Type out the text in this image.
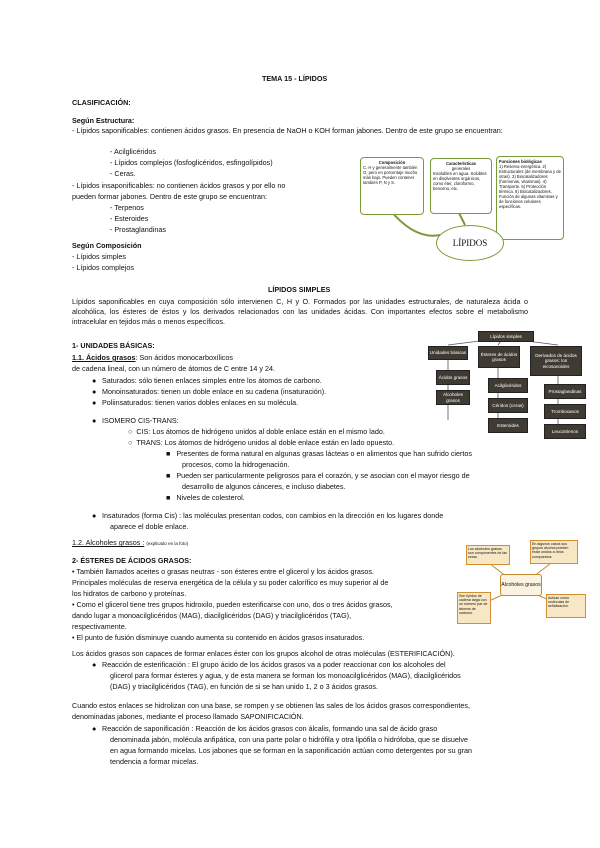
TEMA 15 - LÍPIDOS
CLASIFICACIÓN:
Según Estructura:
- Lípidos saponificables: contienen ácidos grasos. En presencia de NaOH o KOH forman jabones. Dentro de este grupo se encuentran:
- Acilglicéridos
- Lípidos complejos (fosfoglicéridos, esfingolípidos)
- Ceras.
- Lípidos insaponificables: no contienen ácidos grasos y por ello no
pueden formar jabones. Dentro de este grupo se encuentran:
- Terpenos
- Esteroides
- Prostaglandinas
Según Composición
- Lípidos simples
- Lípidos complejos
Composición
C, H y generalmente también O, pero en porcentaje mucho más bajo. Pueden contener también P, N y S.
Características
generales
Insolubles en agua. Solubles en disolventes orgánicos, como éter, cloroformo, benceno, etc.
Funciones biológicas
1) Reserva energética. 2) Estructurales (de membrana y de otras). 3) Biocatalizadores (hormonas, vitaminas). 4) Transporte. 5) Protección térmica. 6) Biocatalizadores. Función de algunas vitaminas y de funciones celulares específicas.
LÍPIDOS
LÍPIDOS SIMPLES
Lípidos saponificables en cuya composición sólo intervienen C, H y O. Formados por las unidades estructurales, de naturaleza ácida o alcohólica, los ésteres de éstos y los derivados relacionados con las unidades ácidas. Con importantes efectos sobre el metabolismo intracelular en tejidos más o menos específicos.
1- UNIDADES BÁSICAS:
1.1. Ácidos grasos: Son ácidos monocarboxílicos
de cadena lineal, con un número de átomos de C entre 14 y 24.
● Saturados: sólo tienen enlaces simples entre los átomos de carbono.
● Monoinsaturados: tienen un doble enlace en su cadena (insaturación).
● Poliinsaturados: tienen varios dobles enlaces en su molécula.
● ISOMERO CIS-TRANS:
○ CIS: Los átomos de hidrógeno unidos al doble enlace están en el mismo lado.
○ TRANS: Los átomos de hidrógeno unidos al doble enlace están en lado opuesto.
■ Presentes de forma natural en algunas grasas lácteas o en alimentos que han sufrido ciertos
procesos, como la hidrogenación.
■ Pueden ser particularmente peligrosos para el corazón, y se asocian con el mayor riesgo de
desarrollo de algunos cánceres, e incluso diabetes.
■ Niveles de colesterol.
● Insaturados (forma Cis) : las moléculas presentan codos, con cambios en la dirección en los lugares donde
aparece el doble enlace.
1.2. Alcoholes grasos : (explicado en la foto)
Lípidos simples
Unidades básicas	Ésteres de ácidos grasos
Derivados de ácidos grasos: los eicosanoides
Ácidos grasos
Acilglicéridos
Prostaglandinas
Alcoholes grasos
Céridos (ceras)
Tromboxanos
Esteroides
Leucotrienos
2- ÉSTERES DE ÁCIDOS GRASOS:
• También llamados aceites o grasas neutras - son ésteres entre el glicerol y los ácidos grasos.
Principales moléculas de reserva energética de la célula y su poder calorífico es muy superior al de
los hidratos de carbono y proteínas.
• Como el glicerol tiene tres grupos hidroxilo, pueden esterificarse con uno, dos o tres ácidos grasos,
dando lugar a monoacilglicéridos (MAG), diacilglicéridos (DAG) y triacilglicéridos (TAG),
respectivamente.
• El punto de fusión disminuye cuando aumenta su contenido en ácidos grasos insaturados.
Los alcoholes grasos son componentes de las ceras.
En algunos casos sus grupos alcohol pueden estar unidos a otros compuestos.
Alcoholes grasos
Son lípidos de cadena larga con un número par de átomos de carbono.
Actúan como moléculas de señalización.
Los ácidos grasos son capaces de formar enlaces éster con los grupos alcohol de otras moléculas (ESTERIFICACIÓN).
● Reacción de esterificación : El grupo ácido de los ácidos grasos va a poder reaccionar con los alcoholes del
glicerol para formar ésteres y agua, y de esta manera se forman los monoacilglicéridos (MAG), diacilglicéridos
(DAG) y triacilglicéridos (TAG), en función de si se han unido 1, 2 o 3 ácidos grasos.
Cuando estos enlaces se hidrolizan con una base, se rompen y se obtienen las sales de los ácidos grasos correspondientes,
denominadas jabones, mediante el proceso llamado SAPONIFICACIÓN.
● Reacción de saponificación : Reacción de los ácidos grasos con álcalis, formando una sal de ácido graso
denominada jabón, molécula anfipática, con una parte polar o hidrófila y otra lipófila o hidrófoba, que se disuelve
en agua formando micelas. Los jabones que se forman en la saponificación actúan como detergentes por su gran
tendencia a formar micelas.
